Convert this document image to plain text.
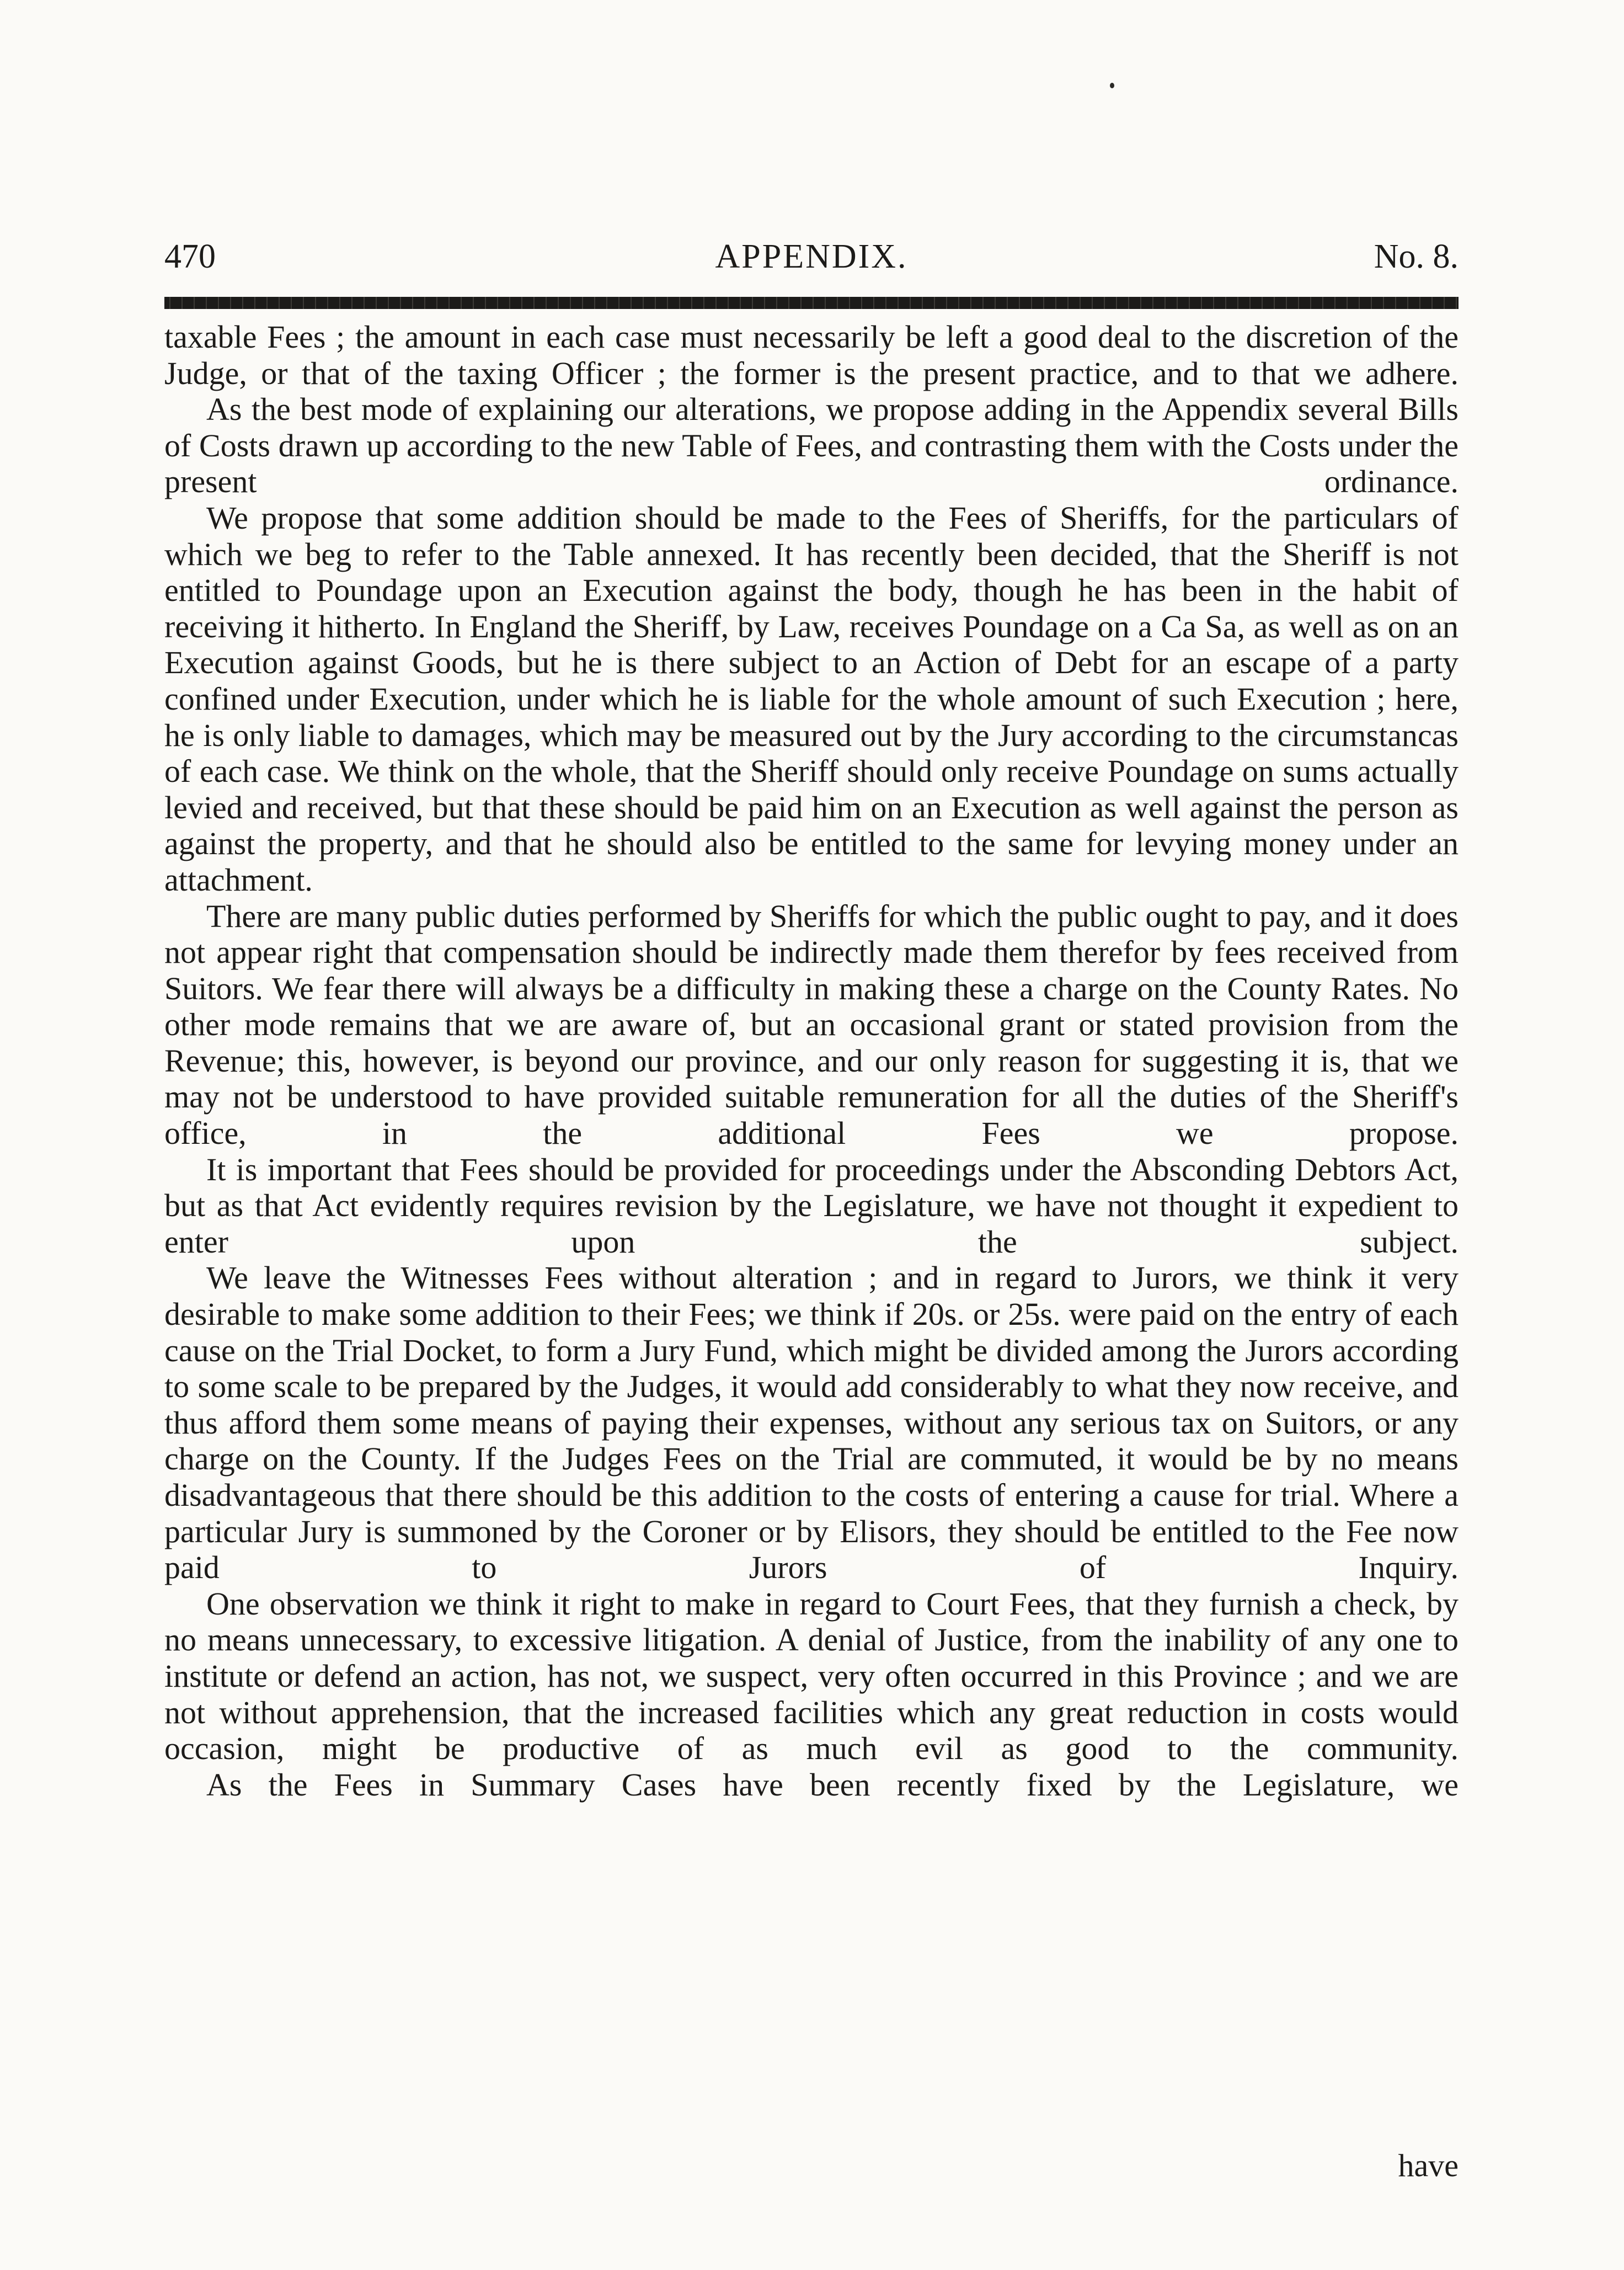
470	APPENDIX.	No. 8.

taxable Fees ; the amount in each case must necessarily be left a good deal to the discretion of the Judge, or that of the taxing Officer ; the former is the present practice, and to that we adhere.

As the best mode of explaining our alterations, we propose adding in the Appendix several Bills of Costs drawn up according to the new Table of Fees, and contrasting them with the Costs under the present ordinance.

We propose that some addition should be made to the Fees of Sheriffs, for the particulars of which we beg to refer to the Table annexed. It has recently been decided, that the Sheriff is not entitled to Poundage upon an Execution against the body, though he has been in the habit of receiving it hitherto. In England the Sheriff, by Law, receives Poundage on a Ca Sa, as well as on an Execution against Goods, but he is there subject to an Action of Debt for an escape of a party confined under Execution, under which he is liable for the whole amount of such Execution ; here, he is only liable to damages, which may be measured out by the Jury according to the circumstancas of each case. We think on the whole, that the Sheriff should only receive Poundage on sums actually levied and received, but that these should be paid him on an Execution as well against the person as against the property, and that he should also be entitled to the same for levying money under an attachment.

There are many public duties performed by Sheriffs for which the public ought to pay, and it does not appear right that compensation should be indirectly made them therefor by fees received from Suitors. We fear there will always be a difficulty in making these a charge on the County Rates. No other mode remains that we are aware of, but an occasional grant or stated provision from the Revenue; this, however, is beyond our province, and our only reason for suggesting it is, that we may not be understood to have provided suitable remuneration for all the duties of the Sheriff's office, in the additional Fees we propose.

It is important that Fees should be provided for proceedings under the Absconding Debtors Act, but as that Act evidently requires revision by the Legislature, we have not thought it expedient to enter upon the subject.

We leave the Witnesses Fees without alteration ; and in regard to Jurors, we think it very desirable to make some addition to their Fees; we think if 20s. or 25s. were paid on the entry of each cause on the Trial Docket, to form a Jury Fund, which might be divided among the Jurors according to some scale to be prepared by the Judges, it would add considerably to what they now receive, and thus afford them some means of paying their expenses, without any serious tax on Suitors, or any charge on the County. If the Judges Fees on the Trial are commuted, it would be by no means disadvantageous that there should be this addition to the costs of entering a cause for trial. Where a particular Jury is summoned by the Coroner or by Elisors, they should be entitled to the Fee now paid to Jurors of Inquiry.

One observation we think it right to make in regard to Court Fees, that they furnish a check, by no means unnecessary, to excessive litigation. A denial of Justice, from the inability of any one to institute or defend an action, has not, we suspect, very often occurred in this Province ; and we are not without apprehension, that the increased facilities which any great reduction in costs would occasion, might be productive of as much evil as good to the community.

As the Fees in Summary Cases have been recently fixed by the Legislature, we

have
